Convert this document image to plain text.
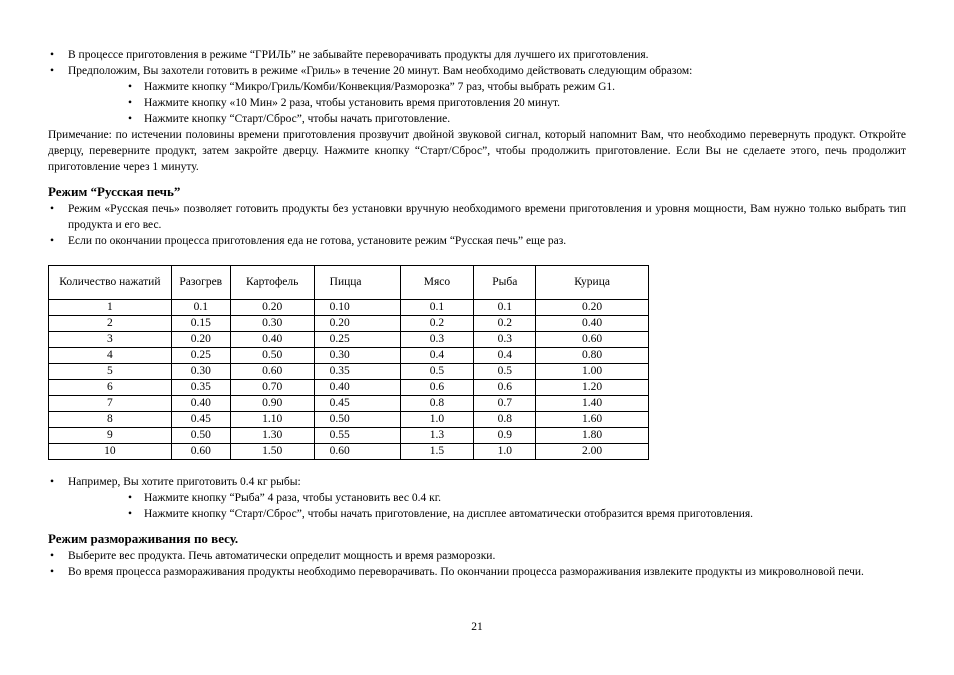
• В процессе приготовления в режиме “ГРИЛЬ” не забывайте переворачивать продукты для лучшего их приготовления.
• Предположим, Вы захотели готовить в режиме «Гриль» в течение 20 минут. Вам необходимо действовать следующим образом:
• Нажмите кнопку “Микро/Гриль/Комби/Конвекция/Разморозка” 7 раз, чтобы выбрать режим G1.
• Нажмите кнопку «10 Мин» 2 раза, чтобы установить время приготовления 20 минут.
• Нажмите кнопку “Старт/Сброс”, чтобы начать приготовление.
Примечание: по истечении половины времени приготовления прозвучит двойной звуковой сигнал, который напомнит Вам, что необходимо перевернуть продукт. Откройте дверцу, переверните продукт, затем закройте дверцу. Нажмите кнопку “Старт/Сброс”, чтобы продолжить приготовление. Если Вы не сделаете этого, печь продолжит приготовление через 1 минуту.
Режим “Русская печь”
• Режим «Русская печь» позволяет готовить продукты без установки вручную необходимого времени приготовления и уровня мощности, Вам нужно только выбрать тип продукта и его вес.
• Если по окончании процесса приготовления еда не готова, установите режим “Русская печь” еще раз.
Количество нажатий	Разогрев	Картофель	Пицца	Мясо	Рыба	Курица
1	0.1	0.20	0.10	0.1	0.1	0.20
2	0.15	0.30	0.20	0.2	0.2	0.40
3	0.20	0.40	0.25	0.3	0.3	0.60
4	0.25	0.50	0.30	0.4	0.4	0.80
5	0.30	0.60	0.35	0.5	0.5	1.00
6	0.35	0.70	0.40	0.6	0.6	1.20
7	0.40	0.90	0.45	0.8	0.7	1.40
8	0.45	1.10	0.50	1.0	0.8	1.60
9	0.50	1.30	0.55	1.3	0.9	1.80
10	0.60	1.50	0.60	1.5	1.0	2.00
• Например, Вы хотите приготовить 0.4 кг рыбы:
• Нажмите кнопку “Рыба” 4 раза, чтобы установить вес 0.4 кг.
• Нажмите кнопку “Старт/Сброс”, чтобы начать приготовление, на дисплее автоматически отобразится время приготовления.
Режим размораживания по весу.
• Выберите вес продукта. Печь автоматически определит мощность и время разморозки.
• Во время процесса размораживания продукты необходимо переворачивать. По окончании процесса размораживания извлеките продукты из микроволновой печи.
21
